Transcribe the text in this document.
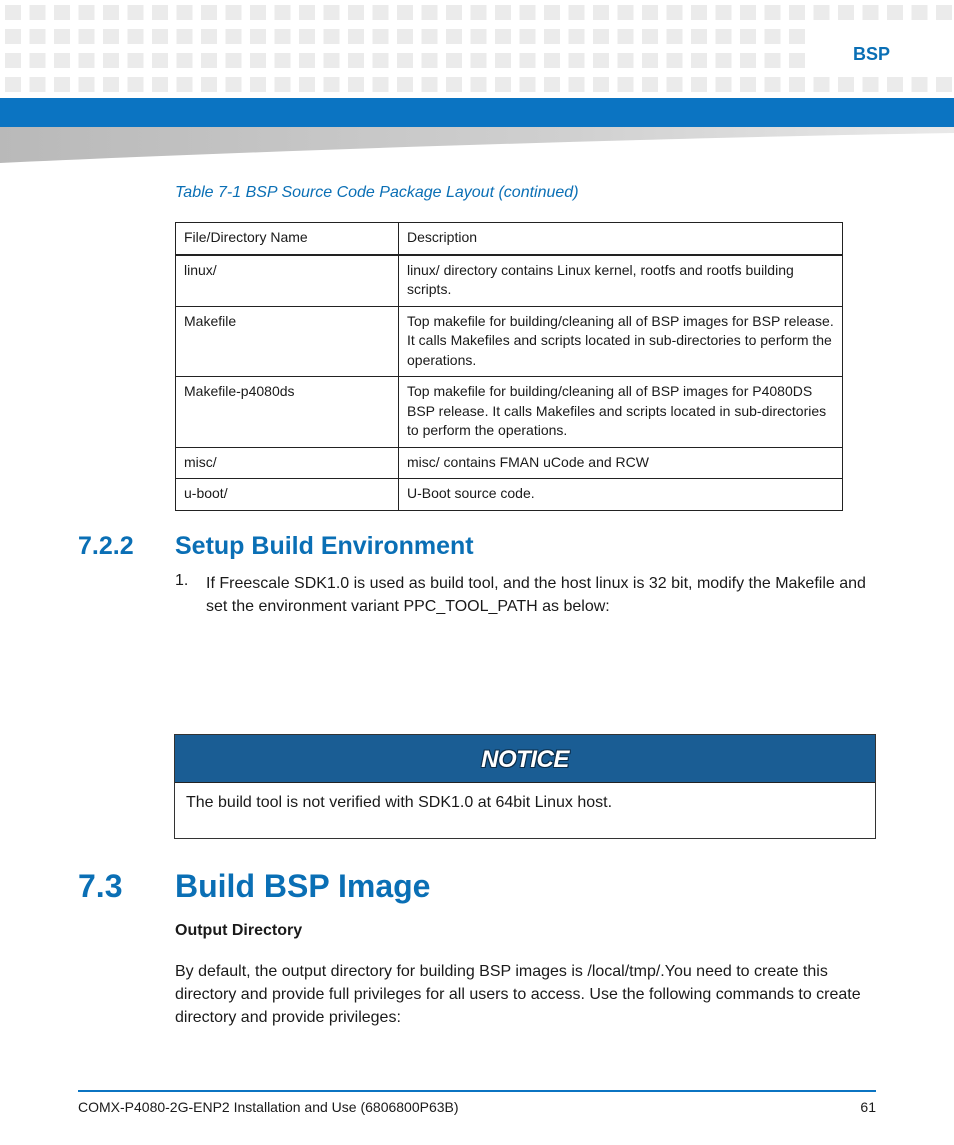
BSP
Table 7-1 BSP Source Code Package Layout (continued)
File/Directory Name	Description
linux/	linux/ directory contains Linux kernel, rootfs and rootfs building scripts.
Makefile	Top makefile for building/cleaning all of BSP images for BSP release. It calls Makefiles and scripts located in sub-directories to perform the operations.
Makefile-p4080ds	Top makefile for building/cleaning all of BSP images for P4080DS BSP release. It calls Makefiles and scripts located in sub-directories to perform the operations.
misc/	misc/ contains FMAN uCode and RCW
u-boot/	U-Boot source code.
7.2.2 Setup Build Environment
1. If Freescale SDK1.0 is used as build tool, and the host linux is 32 bit, modify the Makefile and set the environment variant PPC_TOOL_PATH as below:
NOTICE
The build tool is not verified with SDK1.0 at 64bit Linux host.
7.3 Build BSP Image
Output Directory
By default, the output directory for building BSP images is /local/tmp/.You need to create this directory and provide full privileges for all users to access. Use the following commands to create directory and provide privileges:
COMX-P4080-2G-ENP2 Installation and Use (6806800P63B)	61
